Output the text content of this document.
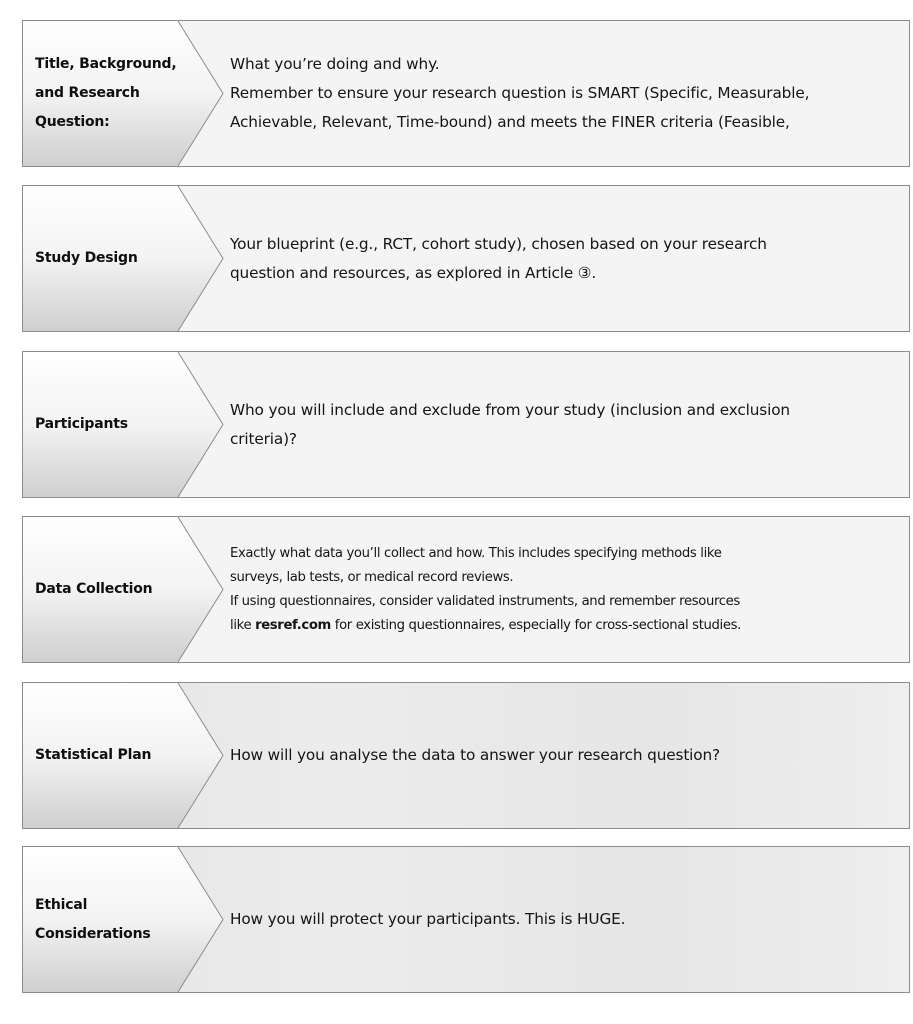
Title, Background,
and Research
Question:
What you’re doing and why.
Remember to ensure your research question is SMART (Specific, Measurable,
Achievable, Relevant, Time-bound) and meets the FINER criteria (Feasible,
Study Design
Your blueprint (e.g., RCT, cohort study), chosen based on your research
question and resources, as explored in Article ③.
Participants
Who you will include and exclude from your study (inclusion and exclusion
criteria)?
Data Collection
Exactly what data you’ll collect and how. This includes specifying methods like
surveys, lab tests, or medical record reviews.
If using questionnaires, consider validated instruments, and remember resources
like resref.com for existing questionnaires, especially for cross-sectional studies.
Statistical Plan	How will you analyse the data to answer your research question?
Ethical
Considerations
How you will protect your participants. This is HUGE.
